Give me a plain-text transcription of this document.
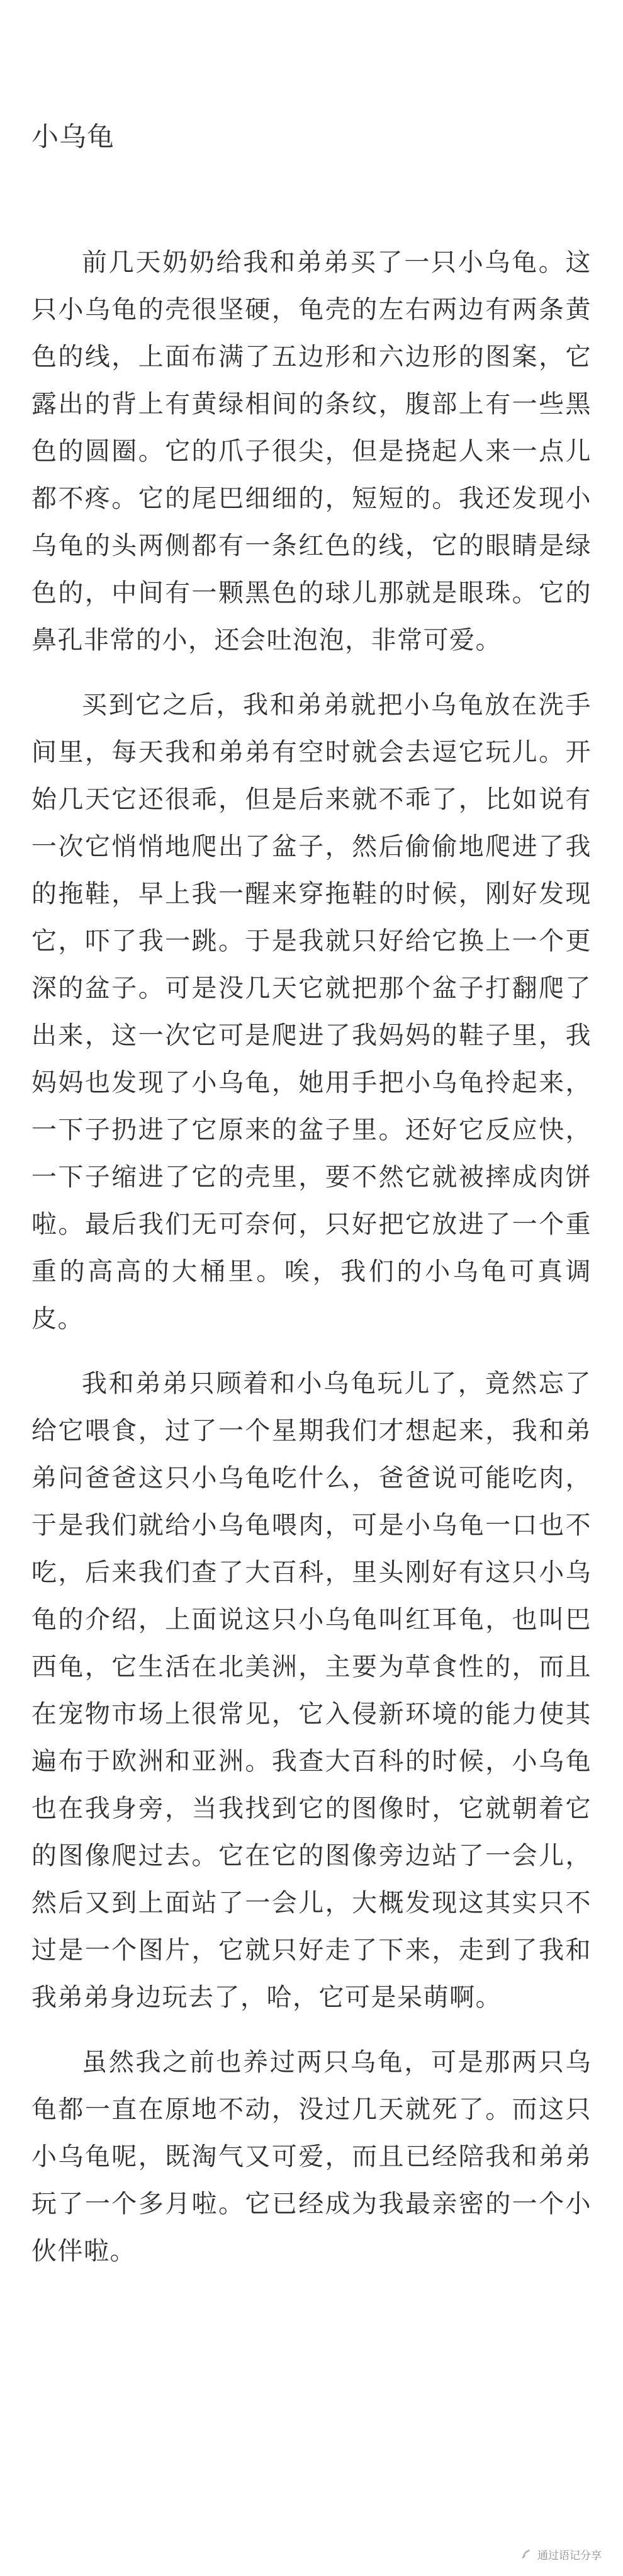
小乌龟

前几天奶奶给我和弟弟买了一只小乌龟。这只小乌龟的壳很坚硬，龟壳的左右两边有两条黄色的线，上面布满了五边形和六边形的图案，它露出的背上有黄绿相间的条纹，腹部上有一些黑色的圆圈。它的爪子很尖，但是挠起人来一点儿都不疼。它的尾巴细细的，短短的。我还发现小乌龟的头两侧都有一条红色的线，它的眼睛是绿色的，中间有一颗黑色的球儿那就是眼珠。它的鼻孔非常的小，还会吐泡泡，非常可爱。

买到它之后，我和弟弟就把小乌龟放在洗手间里，每天我和弟弟有空时就会去逗它玩儿。开始几天它还很乖，但是后来就不乖了，比如说有一次它悄悄地爬出了盆子，然后偷偷地爬进了我的拖鞋，早上我一醒来穿拖鞋的时候，刚好发现它，吓了我一跳。于是我就只好给它换上一个更深的盆子。可是没几天它就把那个盆子打翻爬了出来，这一次它可是爬进了我妈妈的鞋子里，我妈妈也发现了小乌龟，她用手把小乌龟拎起来，一下子扔进了它原来的盆子里。还好它反应快，一下子缩进了它的壳里，要不然它就被摔成肉饼啦。最后我们无可奈何，只好把它放进了一个重重的高高的大桶里。唉，我们的小乌龟可真调皮。

我和弟弟只顾着和小乌龟玩儿了，竟然忘了给它喂食，过了一个星期我们才想起来，我和弟弟问爸爸这只小乌龟吃什么，爸爸说可能吃肉，于是我们就给小乌龟喂肉，可是小乌龟一口也不吃，后来我们查了大百科，里头刚好有这只小乌龟的介绍，上面说这只小乌龟叫红耳龟，也叫巴西龟，它生活在北美洲，主要为草食性的，而且在宠物市场上很常见，它入侵新环境的能力使其遍布于欧洲和亚洲。我查大百科的时候，小乌龟也在我身旁，当我找到它的图像时，它就朝着它的图像爬过去。它在它的图像旁边站了一会儿，然后又到上面站了一会儿，大概发现这其实只不过是一个图片，它就只好走了下来，走到了我和我弟弟身边玩去了，哈，它可是呆萌啊。

虽然我之前也养过两只乌龟，可是那两只乌龟都一直在原地不动，没过几天就死了。而这只小乌龟呢，既淘气又可爱，而且已经陪我和弟弟玩了一个多月啦。它已经成为我最亲密的一个小伙伴啦。

通过语记分享
